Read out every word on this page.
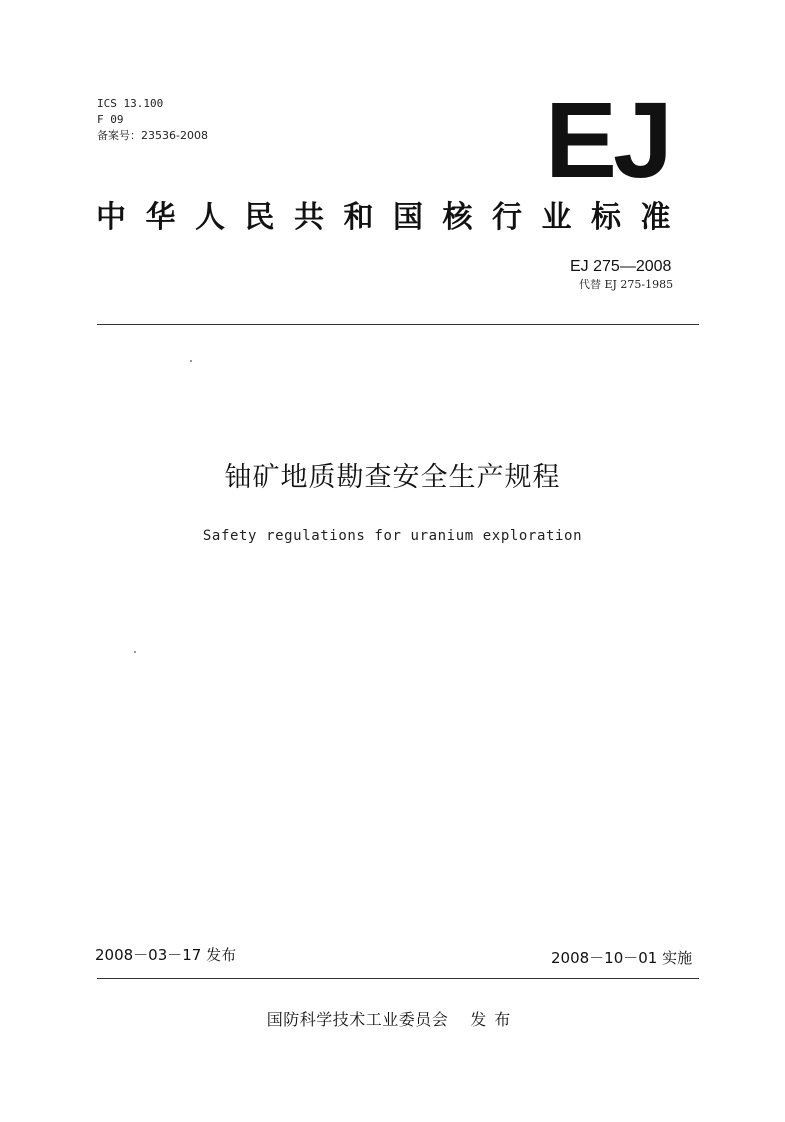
ICS 13.100
F 09
备案号：23536-2008	EJ
中华人民共和国核行业标准
EJ 275—2008
代替 EJ 275-1985
铀矿地质勘查安全生产规程
Safety regulations for uranium exploration
2008－03－17 发布	2008－10－01 实施
国防科学技术工业委员会 发布
